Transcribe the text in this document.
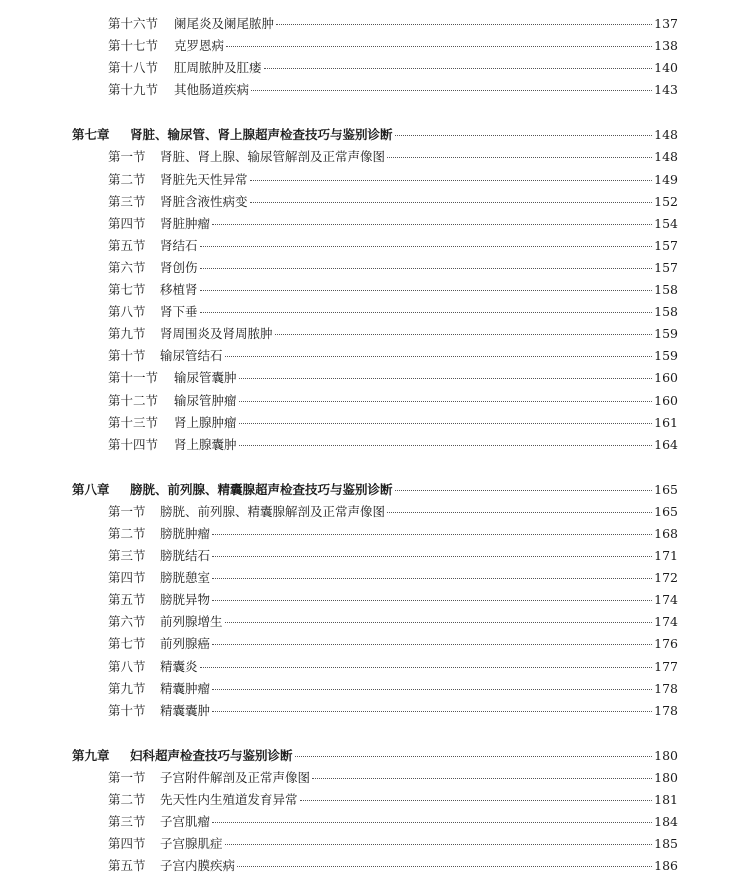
第十六节	阑尾炎及阑尾脓肿	137
第十七节	克罗恩病	138
第十八节	肛周脓肿及肛瘘	140
第十九节	其他肠道疾病	143
第七章	肾脏、输尿管、肾上腺超声检查技巧与鉴别诊断	148
第一节	肾脏、肾上腺、输尿管解剖及正常声像图	148
第二节	肾脏先天性异常	149
第三节	肾脏含液性病变	152
第四节	肾脏肿瘤	154
第五节	肾结石	157
第六节	肾创伤	157
第七节	移植肾	158
第八节	肾下垂	158
第九节	肾周围炎及肾周脓肿	159
第十节	输尿管结石	159
第十一节	输尿管囊肿	160
第十二节	输尿管肿瘤	160
第十三节	肾上腺肿瘤	161
第十四节	肾上腺囊肿	164
第八章	膀胱、前列腺、精囊腺超声检查技巧与鉴别诊断	165
第一节	膀胱、前列腺、精囊腺解剖及正常声像图	165
第二节	膀胱肿瘤	168
第三节	膀胱结石	171
第四节	膀胱憩室	172
第五节	膀胱异物	174
第六节	前列腺增生	174
第七节	前列腺癌	176
第八节	精囊炎	177
第九节	精囊肿瘤	178
第十节	精囊囊肿	178
第九章	妇科超声检查技巧与鉴别诊断	180
第一节	子宫附件解剖及正常声像图	180
第二节	先天性内生殖道发育异常	181
第三节	子宫肌瘤	184
第四节	子宫腺肌症	185
第五节	子宫内膜疾病	186
